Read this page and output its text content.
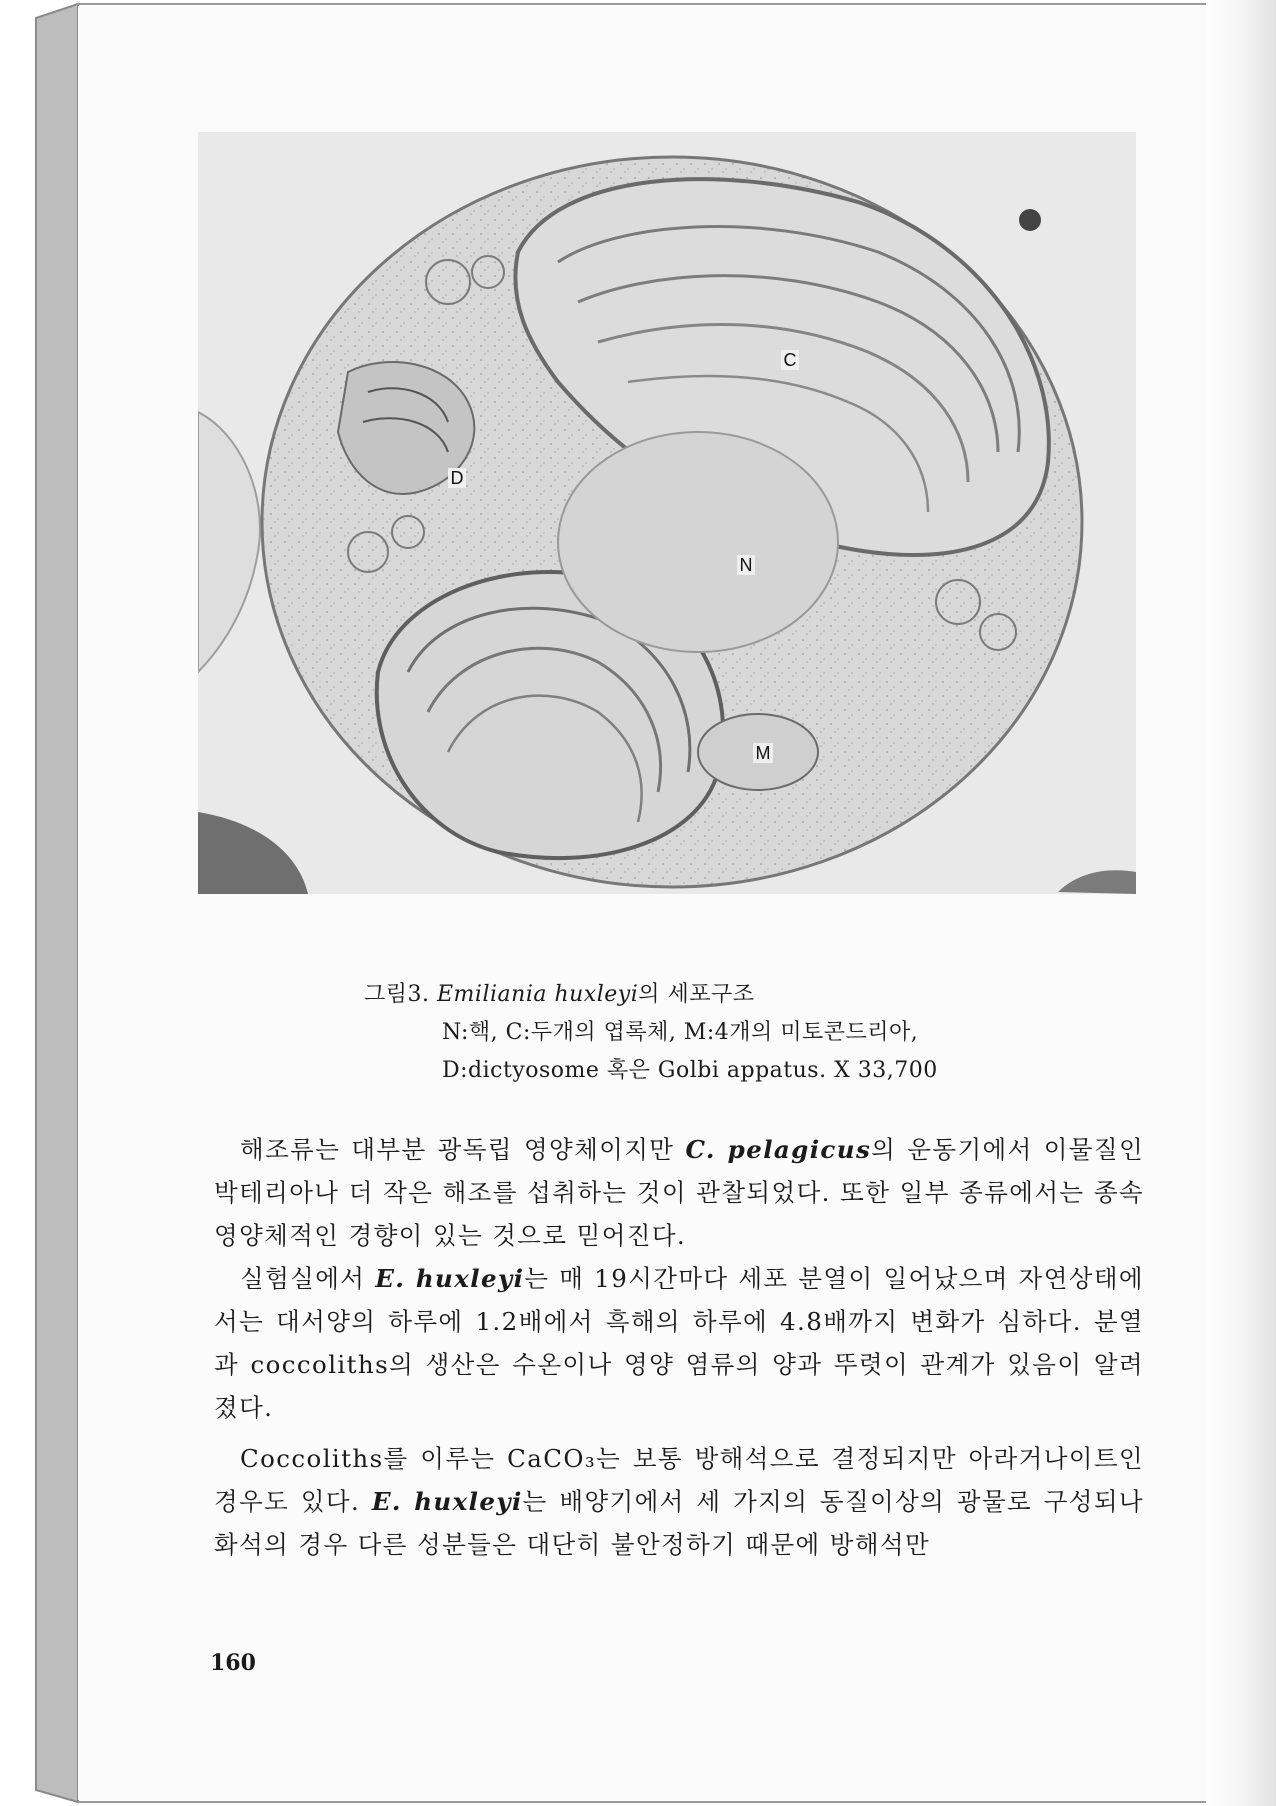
C
D
N
M
그림3. Emiliania huxleyi의 세포구조
N:핵, C:두개의 엽록체, M:4개의 미토콘드리아,
D:dictyosome 혹은 Golbi appatus. X 33,700

해조류는 대부분 광독립 영양체이지만 C. pelagicus의 운동기에서 이물질인 박테리아나 더 작은 해조를 섭취하는 것이 관찰되었다. 또한 일부 종류에서는 종속 영양체적인 경향이 있는 것으로 믿어진다.

실험실에서 E. huxleyi는 매 19시간마다 세포 분열이 일어났으며 자연상태에서는 대서양의 하루에 1.2배에서 흑해의 하루에 4.8배까지 변화가 심하다. 분열과 coccoliths의 생산은 수온이나 영양 염류의 양과 뚜렷이 관계가 있음이 알려졌다.

Coccoliths를 이루는 CaCO₃는 보통 방해석으로 결정되지만 아라거나이트인 경우도 있다. E. huxleyi는 배양기에서 세 가지의 동질이상의 광물로 구성되나 화석의 경우 다른 성분들은 대단히 불안정하기 때문에 방해석만

160
